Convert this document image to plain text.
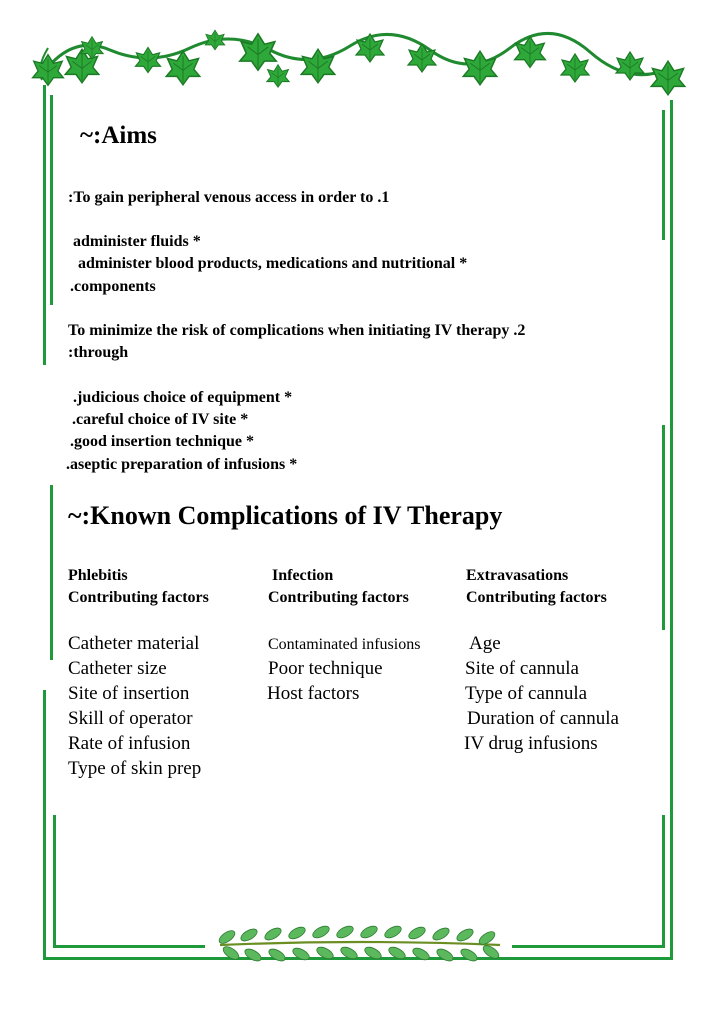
~:Aims
:To gain peripheral venous access in order to .1
administer fluids *
administer blood products, medications and nutritional *
.components
To minimize the risk of complications when initiating IV therapy .2
:through
.judicious choice of equipment *
.careful choice of IV site *
.good insertion technique *
.aseptic preparation of infusions *
~:Known Complications of IV Therapy
Phlebitis
Contributing factors
Infection
Contributing factors
Extravasations
Contributing factors
Catheter material
Catheter size
Site of insertion
Skill of operator
Rate of infusion
Type of skin prep
Contaminated infusions
Poor technique
Host factors
Age
Site of cannula
Type of cannula
Duration of cannula
IV drug infusions
